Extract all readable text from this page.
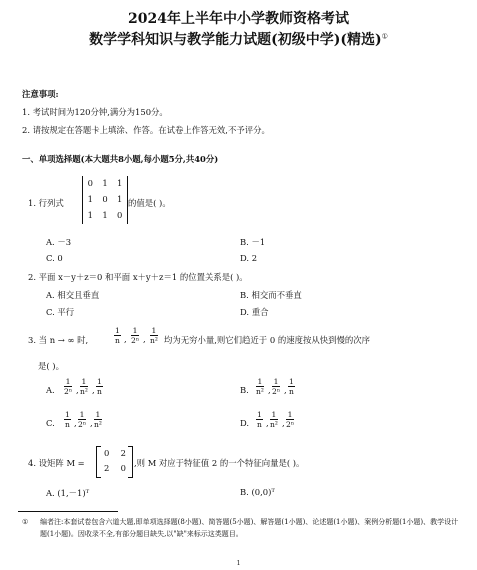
2024年上半年中小学教师资格考试
数学学科知识与教学能力试题(初级中学)(精选)①
注意事项:
1. 考试时间为120分钟,满分为150分。
2. 请按规定在答题卡上填涂、作答。在试卷上作答无效,不予评分。
一、单项选择题(本大题共8小题,每小题5分,共40分)
1. 行列式
0 1 1
1 0 1
1 1 0
的值是( )。
A. －3	B. －1
C. 0	D. 2
2. 平面 x－y＋z＝0 和平面 x＋y＋z＝1 的位置关系是( )。
A. 相交且垂直	B. 相交而不垂直
C. 平行	D. 重合
3. 当 n → ∞ 时,	$\frac{1}{n}$ , $\frac{1}{\text{2ⁿ}}$ , $\frac{1}{\text{n²}}$ 均为无穷小量,则它们趋近于 0 的速度按从快到慢的次序
是( )。
A. $\frac{1}{\text{2ⁿ}}$ , $\frac{1}{\text{n²}}$ , $\frac{1}{n}$	B. $\frac{1}{\text{n²}}$ , $\frac{1}{\text{2ⁿ}}$ , $\frac{1}{n}$
C. $\frac{1}{n}$ , $\frac{1}{\text{2ⁿ}}$ , $\frac{1}{\text{n²}}$	D. $\frac{1}{n}$ , $\frac{1}{\text{n²}}$ , $\frac{1}{\text{2ⁿ}}$
4. 设矩阵 M =
0 2
2 0 ,则 M 对应于特征值 2 的一个特征向量是( )。
A. (1,－1)ᵀ	B. (0,0)ᵀ
①	编者注:本套试卷包含六道大题,即单项选择题(8小题)、简答题(5小题)、解答题(1小题)、论述题(1小题)、案例分析题(1小题)、教学设计题(1小题)。因收录不全,有部分题目缺失,以"缺"来标示这类题目。
1
